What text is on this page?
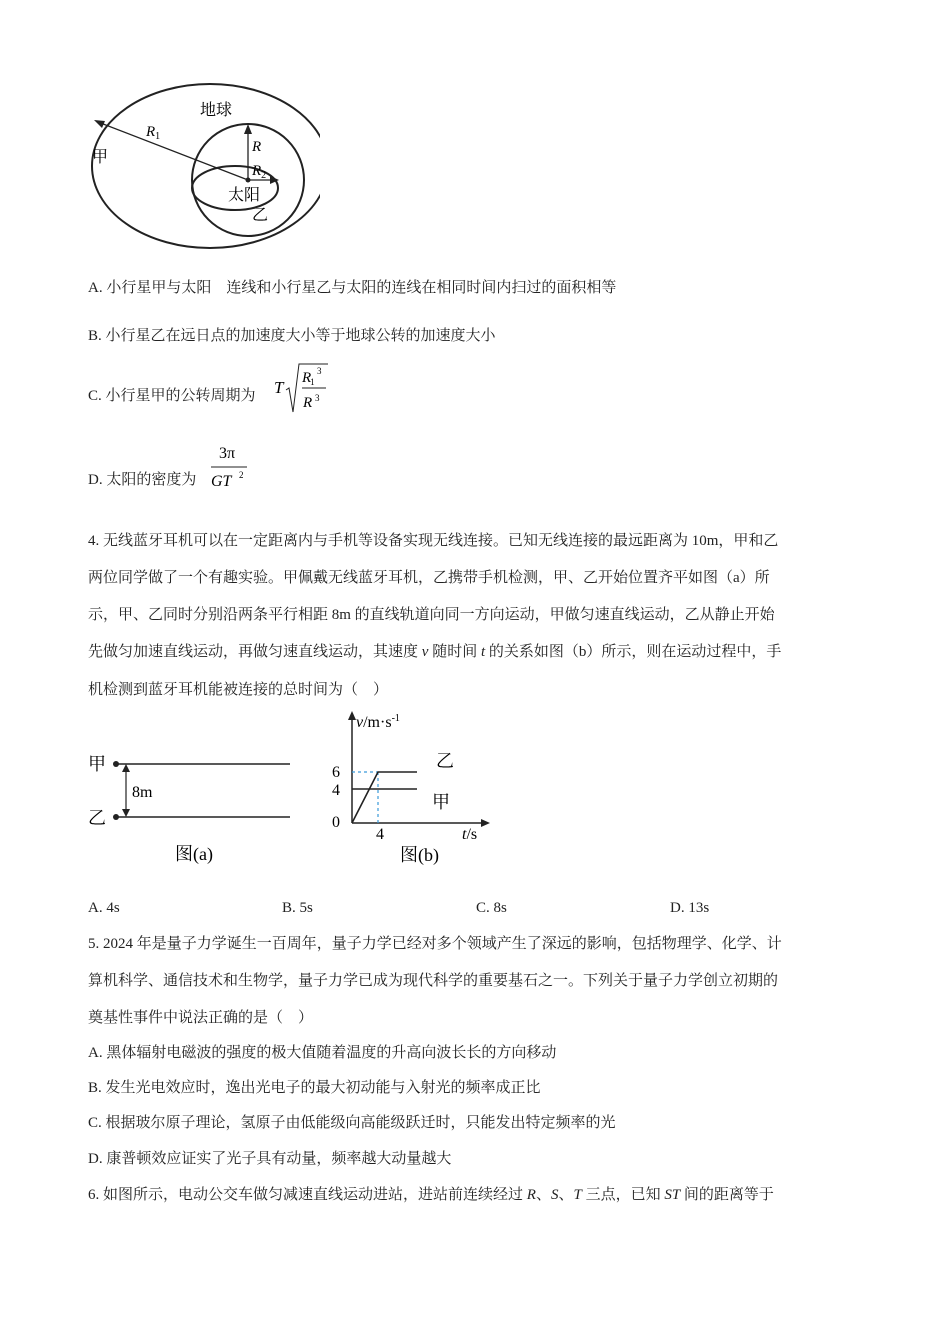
地球
甲
乙
太阳
$R_1$
R
$R_2$
A. 小行星甲与太阳　连线和小行星乙与太阳的连线在相同时间内扫过的面积相等
B. 小行星乙在远日点的加速度大小等于地球公转的加速度大小
C. 小行星甲的公转周期为 T R1
3
R 3
D. 太阳的密度为
3π
GT 2
4. 无线蓝牙耳机可以在一定距离内与手机等设备实现无线连接。已知无线连接的最远距离为 10m，甲和乙
两位同学做了一个有趣实验。甲佩戴无线蓝牙耳机，乙携带手机检测，甲、乙开始位置齐平如图（a）所
示，甲、乙同时分别沿两条平行相距 8m 的直线轨道向同一方向运动，甲做匀速直线运动，乙从静止开始
先做匀加速直线运动，再做匀速直线运动，其速度 v 随时间 t 的关系如图（b）所示，则在运动过程中，手
机检测到蓝牙耳机能被连接的总时间为（　）
甲
乙
8m
图(a)
$v/m\cdot s^{-1}$
t/s
6
4
0
4
乙
甲
图(b)
A. 4s	B. 5s	C. 8s	D. 13s
5. 2024 年是量子力学诞生一百周年，量子力学已经对多个领域产生了深远的影响，包括物理学、化学、计
算机科学、通信技术和生物学，量子力学已成为现代科学的重要基石之一。下列关于量子力学创立初期的
奠基性事件中说法正确的是（　）
A. 黑体辐射电磁波的强度的极大值随着温度的升高向波长长的方向移动
B. 发生光电效应时，逸出光电子的最大初动能与入射光的频率成正比
C. 根据玻尔原子理论，氢原子由低能级向高能级跃迁时，只能发出特定频率的光
D. 康普顿效应证实了光子具有动量，频率越大动量越大
6. 如图所示，电动公交车做匀减速直线运动进站，进站前连续经过 R、S、T 三点，已知 ST 间的距离等于
